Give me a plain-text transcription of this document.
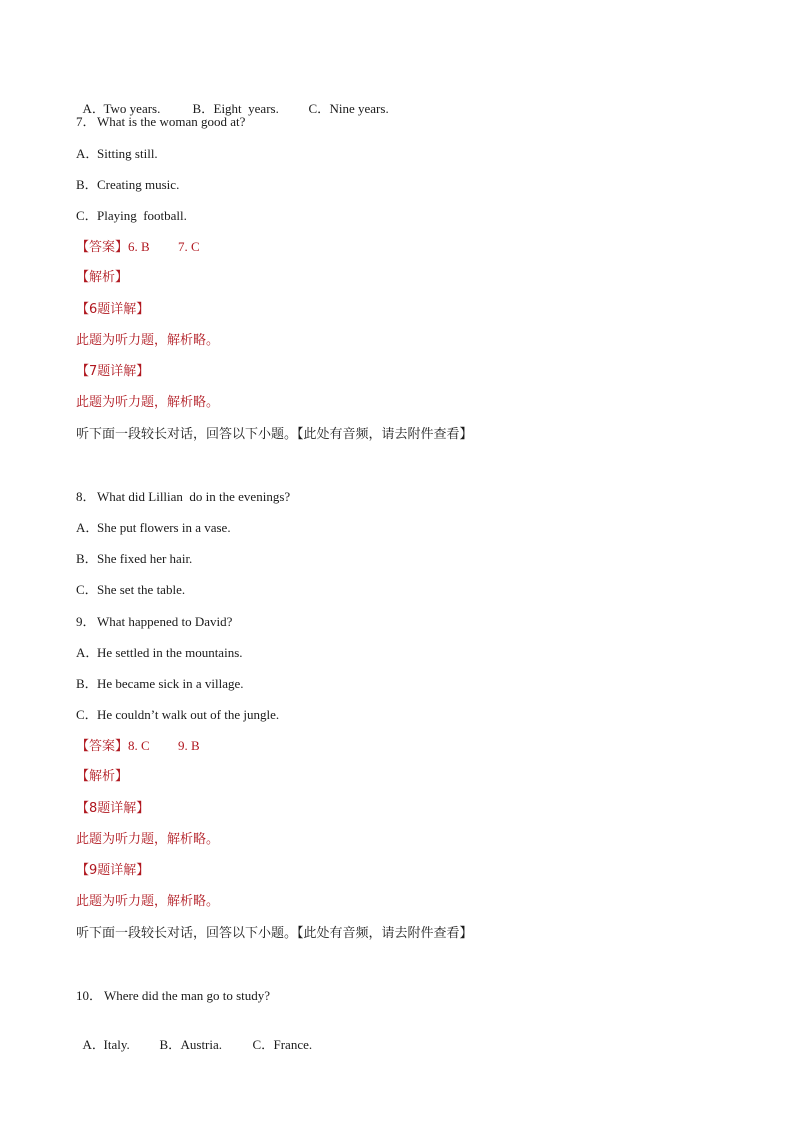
A．Two years. B．Eight  years. C．Nine years.

7．What is the woman good at?
A．Sitting still.
B．Creating music.
C．Playing  football.
【答案】6. B 7. C
【解析】
【6题详解】
此题为听力题，解析略。
【7题详解】
此题为听力题，解析略。
听下面一段较长对话，回答以下小题。【此处有音频，请去附件查看】
8．What did Lillian  do in the evenings?
A．She put flowers in a vase.
B．She fixed her hair.
C．She set the table.
9．What happened to David?
A．He settled in the mountains.
B．He became sick in a village.
C．He couldn’t walk out of the jungle.
【答案】8. C 9. B
【解析】
【8题详解】
此题为听力题，解析略。
【9题详解】
此题为听力题，解析略。
听下面一段较长对话，回答以下小题。【此处有音频，请去附件查看】
10． Where did the man go to study?

A．Italy. B．Austria. C．France.
